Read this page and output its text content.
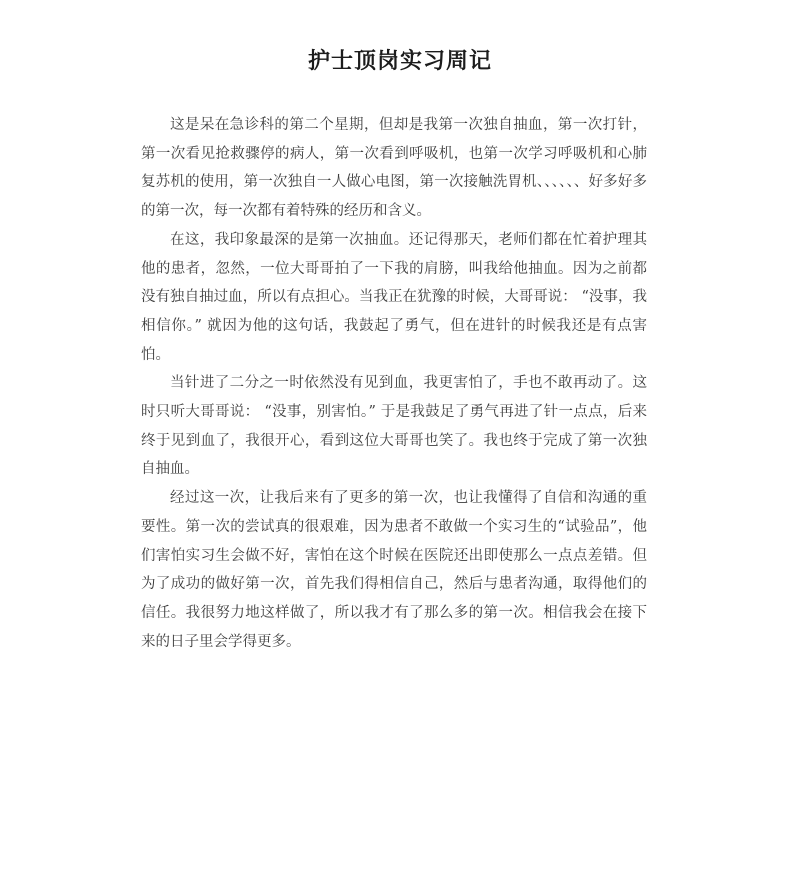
护士顶岗实习周记

这是呆在急诊科的第二个星期，但却是我第一次独自抽血，第一次打针，第一次看见抢救骤停的病人，第一次看到呼吸机，也第一次学习呼吸机和心肺复苏机的使用，第一次独自一人做心电图，第一次接触洗胃机、、、、、、好多好多的第一次，每一次都有着特殊的经历和含义。

在这，我印象最深的是第一次抽血。还记得那天，老师们都在忙着护理其他的患者，忽然，一位大哥哥拍了一下我的肩膀，叫我给他抽血。因为之前都没有独自抽过血，所以有点担心。当我正在犹豫的时候，大哥哥说： “没事，我相信你。” 就因为他的这句话，我鼓起了勇气，但在进针的时候我还是有点害怕。

当针进了二分之一时依然没有见到血，我更害怕了，手也不敢再动了。这时只听大哥哥说： “没事，别害怕。” 于是我鼓足了勇气再进了针一点点，后来终于见到血了，我很开心，看到这位大哥哥也笑了。我也终于完成了第一次独自抽血。

经过这一次，让我后来有了更多的第一次，也让我懂得了自信和沟通的重要性。第一次的尝试真的很艰难，因为患者不敢做一个实习生的“试验品”，他们害怕实习生会做不好，害怕在这个时候在医院还出即使那么一点点差错。但为了成功的做好第一次，首先我们得相信自己，然后与患者沟通，取得他们的信任。我很努力地这样做了，所以我才有了那么多的第一次。相信我会在接下来的日子里会学得更多。
